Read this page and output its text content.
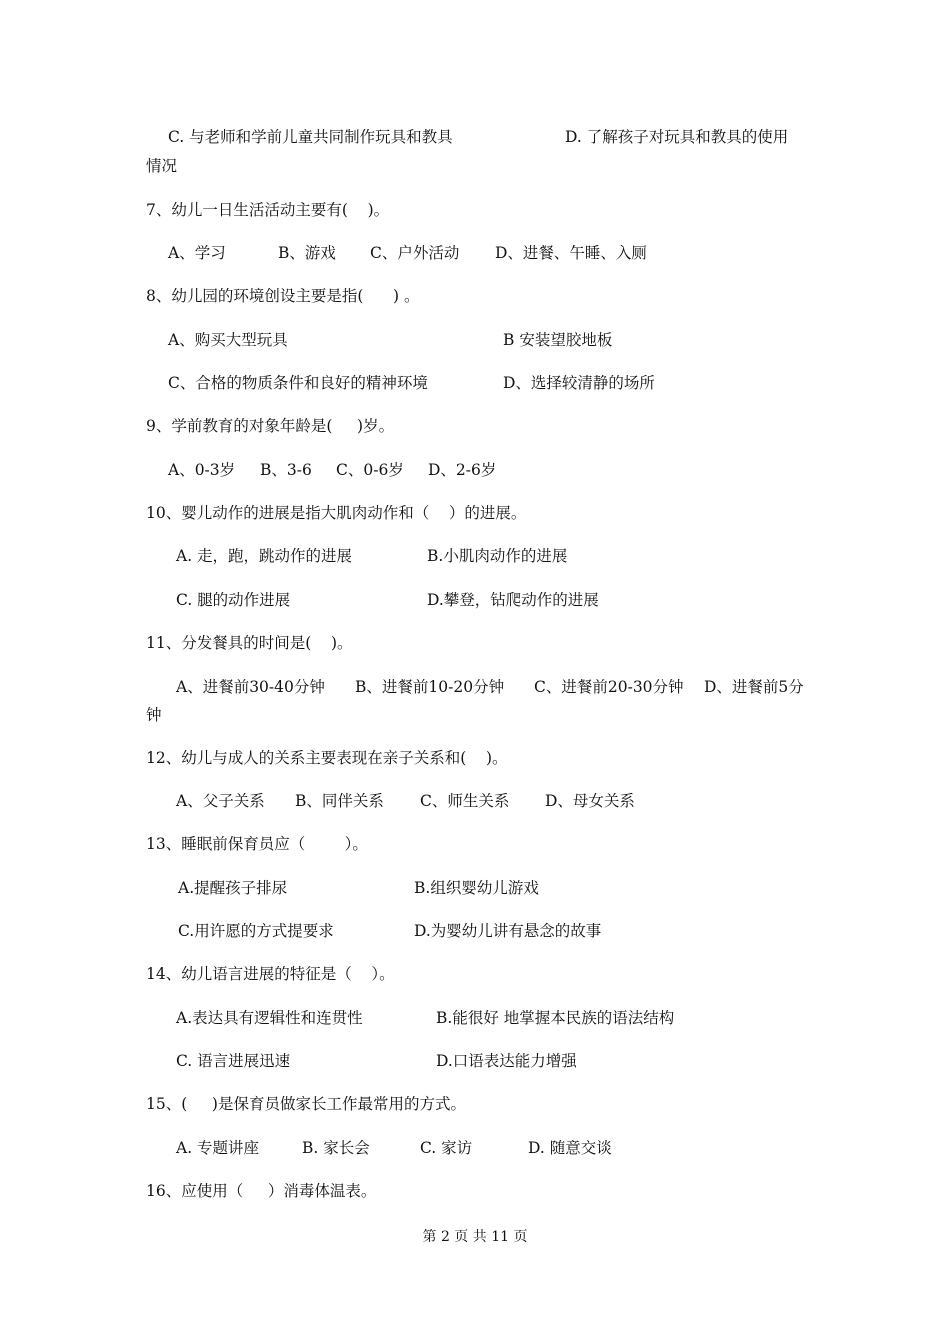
C. 与老师和学前儿童共同制作玩具和教具	D. 了解孩子对玩具和教具的使用
情况
7、幼儿一日生活活动主要有(    )。
A、学习	B、游戏 C、户外活动 D、进餐、午睡、入厕
8、幼儿园的环境创设主要是指(      ) 。
A、购买大型玩具	B 安装望胶地板
C、合格的物质条件和良好的精神环境	D、选择较清静的场所
9、学前教育的对象年龄是(     )岁。
A、0-3岁 B、3-6 C、0-6岁 D、2-6岁
10、婴儿动作的进展是指大肌肉动作和（    ）的进展。
A. 走，跑，跳动作的进展	B.小肌肉动作的进展
C. 腿的动作进展	D.攀登，钻爬动作的进展
11、分发餐具的时间是(    )。
A、进餐前30-40分钟 B、进餐前10-20分钟 C、进餐前20-30分钟 D、进餐前5分
钟
12、幼儿与成人的关系主要表现在亲子关系和(    )。
A、父子关系 B、同伴关系 C、师生关系 D、母女关系
13、睡眠前保育员应（        ）。
A.提醒孩子排尿	B.组织婴幼儿游戏
C.用许愿的方式提要求	D.为婴幼儿讲有悬念的故事
14、幼儿语言进展的特征是（    ）。
A.表达具有逻辑性和连贯性	B.能很好 地掌握本民族的语法结构
C. 语言进展迅速	D.口语表达能力增强
15、(     )是保育员做家长工作最常用的方式。
A. 专题讲座	B. 家长会	C. 家访	D. 随意交谈
16、应使用（     ）消毒体温表。
第 2 页 共 11 页
